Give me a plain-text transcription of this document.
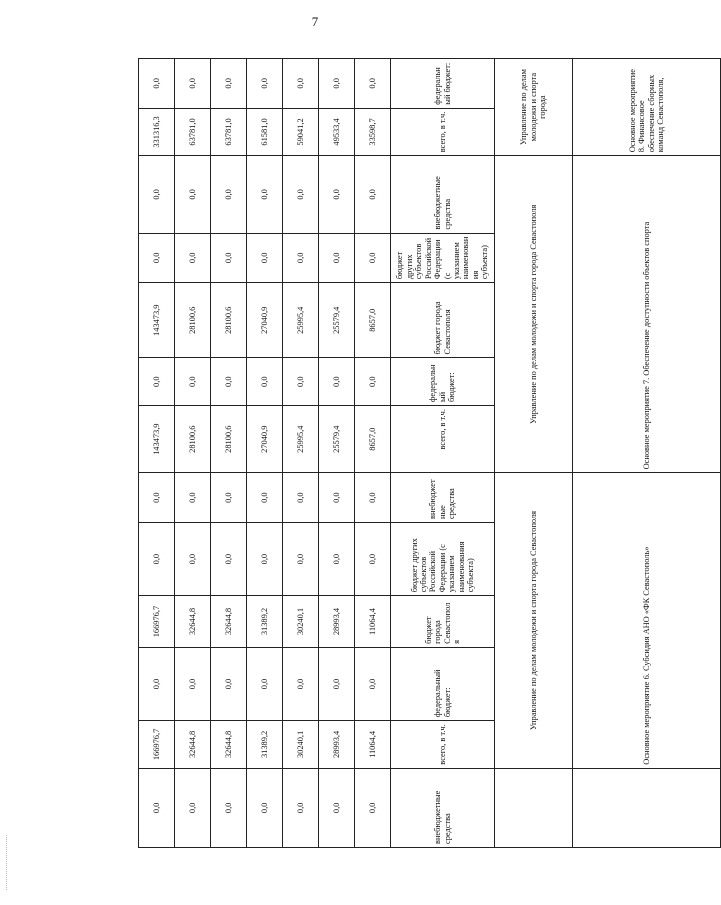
7
0,0	166976,7	0,0	166976,7	0,0	0,0	143473,9	0,0	143473,9	0,0	0,0	331316,3	0,0
0,0	32644,8	0,0	32644,8	0,0	0,0	28100,6	0,0	28100,6	0,0	0,0	63781,0	0,0
0,0	32644,8	0,0	32644,8	0,0	0,0	28100,6	0,0	28100,6	0,0	0,0	63781,0	0,0
0,0	31389,2	0,0	31389,2	0,0	0,0	27040,9	0,0	27040,9	0,0	0,0	61581,0	0,0
0,0	30240,1	0,0	30240,1	0,0	0,0	25995,4	0,0	25995,4	0,0	0,0	59041,2	0,0
0,0	28993,4	0,0	28993,4	0,0	0,0	25579,4	0,0	25579,4	0,0	0,0	49533,4	0,0
0,0	11064,4	0,0	11064,4	0,0	0,0	8657,0	0,0	8657,0	0,0	0,0	33598,7	0,0
внебюджетные средства	всего, в т.ч.	федеральный бюджет:	бюджет города Севастополя	бюджет других субъектов Российской Федерации (с указанием наименования субъекта)	внебюджетные средства	всего, в т.ч.	федеральный бюджет:	бюджет города Севастополя	бюджет других субъектов Российской Федерации (с указанием наименования субъекта)	внебюджетные средства	всего, в т.ч.	федеральный бюджет:
	Управление по делам молодежи и спорта города Севастополя					Управление по делам молодежи и спорта города Севастополя					Управление по делам молодежи и спорта города	
	Основное мероприятие 6. Субсидия АНО «ФК Севастополь»					Основное мероприятие 7. Обеспечение доступности объектов спорта					Основное мероприятие 8. Финансовое обеспечение сборных команд Севастополя,	
